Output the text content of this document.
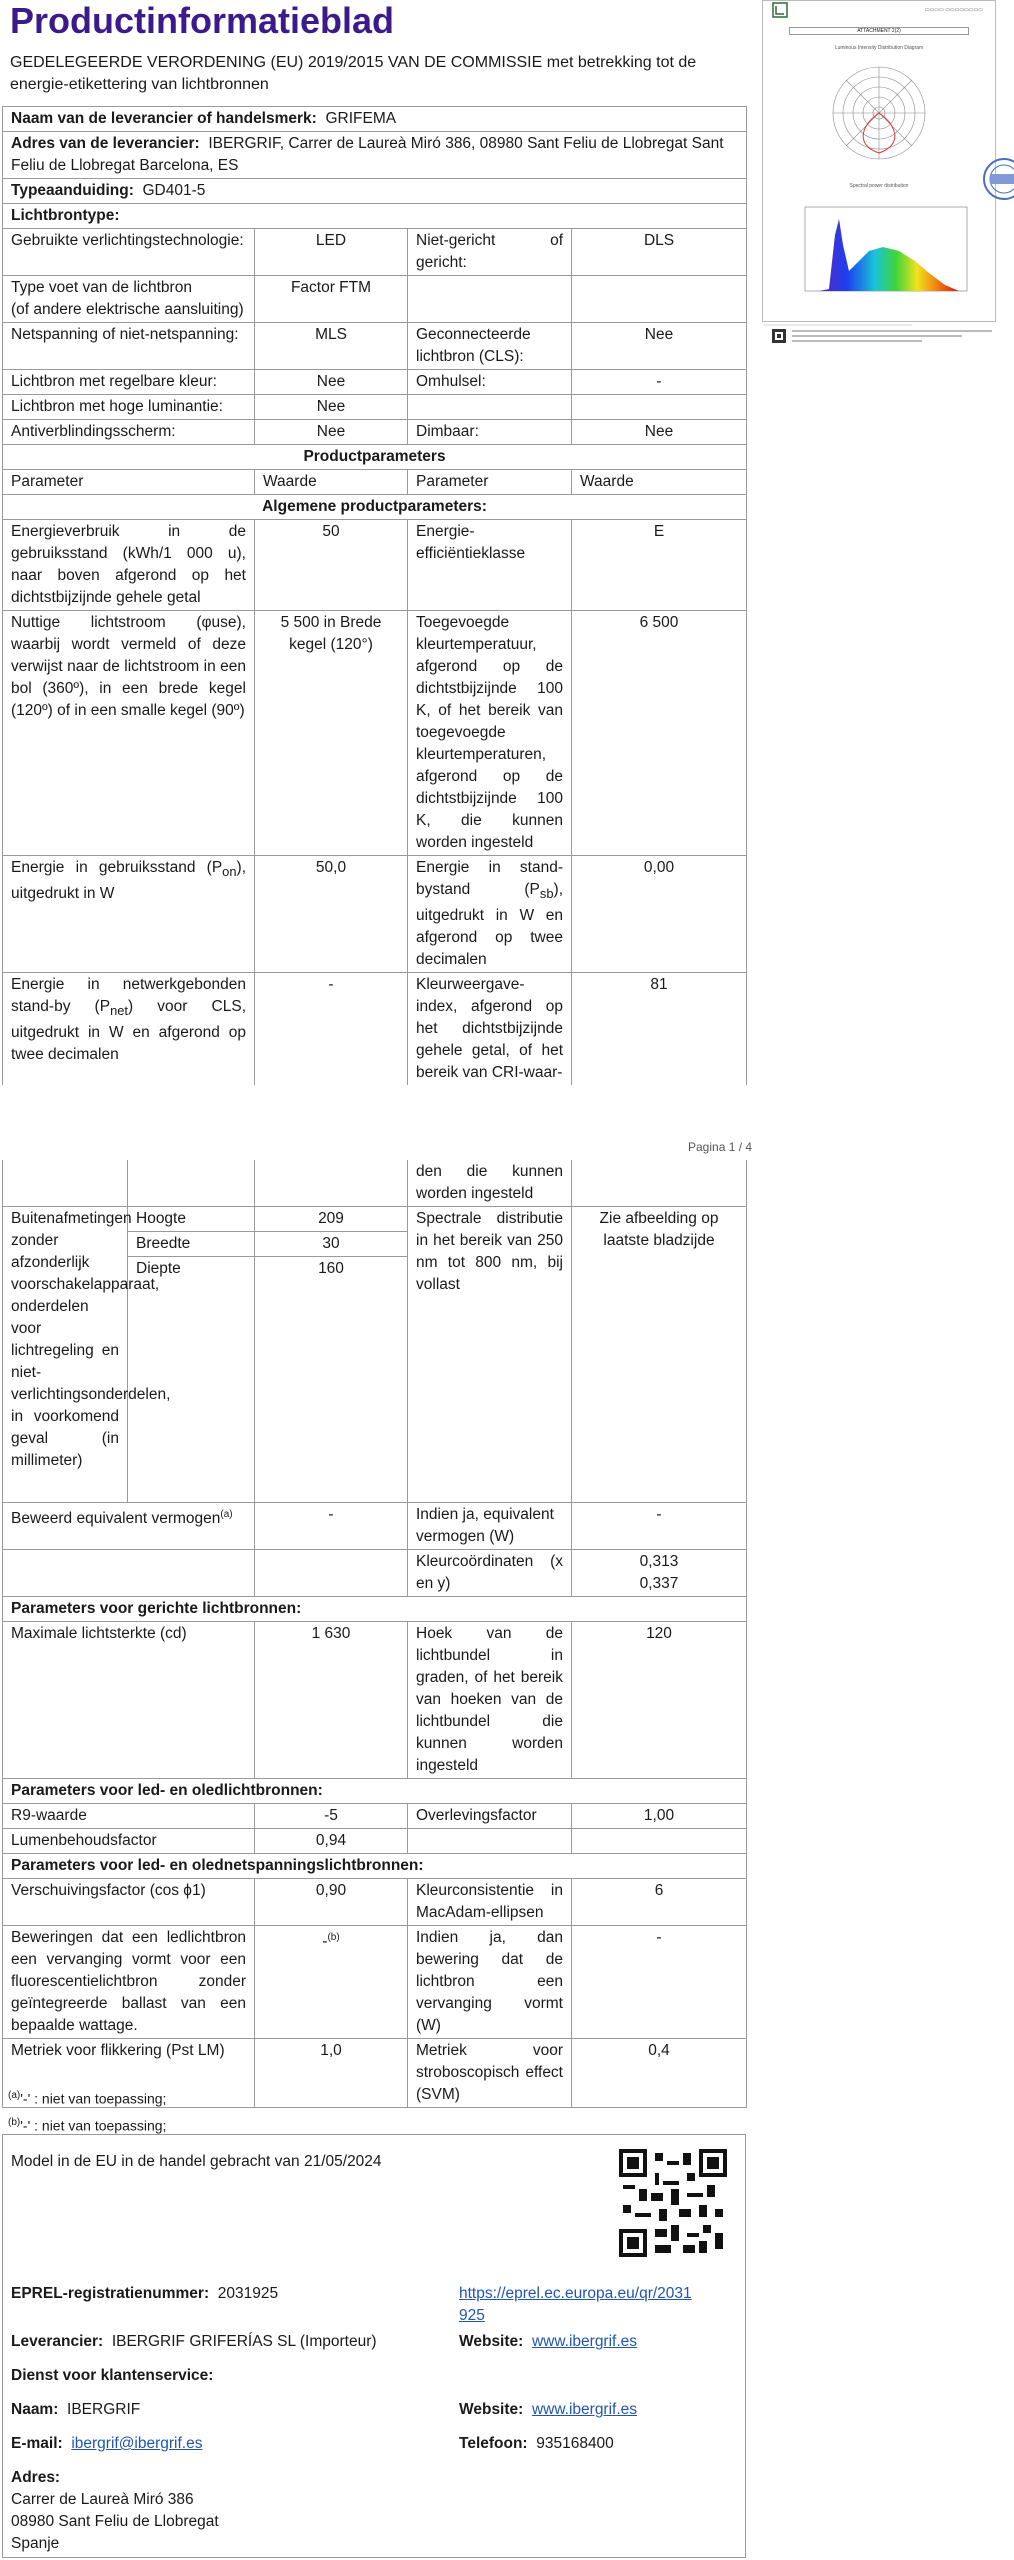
Productinformatieblad
GEDELEGEERDE VERORDENING (EU) 2019/2015 VAN DE COMMISSIE met betrekking tot de energie-etikettering van lichtbronnen
▭▭▭▭ ▭▭▭▭▭▭▭▭
ATTACHMENT 2(2)
Luminous Intensity Distribution Diagram
Spectral power distribution
Naam van de leverancier of handelsmerk: GRIFEMA			
Adres van de leverancier: IBERGRIF, Carrer de Laureà Miró 386, 08980 Sant Feliu de Llobregat Sant Feliu de Llobregat Barcelona, ES			
Typeaanduiding: GD401-5			
Lichtbrontype:			
Gebruikte verlichtingstechnologie:	LED	Niet-gericht of gericht:	DLS

Type voet van de lichtbron
(of andere elektrische aansluiting)	Factor FTM		
Netspanning of niet-netspanning:	MLS	Geconnecteerde lichtbron (CLS):	Nee
Lichtbron met regelbare kleur:	Nee	Omhulsel:	-
Lichtbron met hoge luminantie:	Nee		
Antiverblindingsscherm:	Nee	Dimbaar:	Nee
Productparameters			
Parameter	Waarde	Parameter	Waarde
Algemene productparameters:			
Energieverbruik in de gebruiksstand (kWh/1 000 u), naar boven afgerond op het dichtstbijzijnde gehele getal	50	Energie-efficiëntieklasse	E
Nuttige lichtstroom (φuse), waarbij wordt vermeld of deze verwijst naar de lichtstroom in een bol (360º), in een brede kegel (120º) of in een smalle kegel (90º)	5 500 in Brede kegel (120°)	Toegevoegde kleurtemperatuur, afgerond op de dichtstbijzijnde 100 K, of het bereik van toegevoegde kleurtemperaturen, afgerond op de dichtstbijzijnde 100 K, die kunnen worden ingesteld	6 500
Energie in gebruiksstand $(P_{on})$, uitgedrukt in W	50,0	Energie in stand-bystand $(P_{sb})$, uitgedrukt in W en afgerond op twee decimalen	0,00
Energie in netwerkgebonden stand-by $(P_{net})$ voor CLS, uitgedrukt in W en afgerond op twee decimalen	-	Kleurweergave-index, afgerond op het dichtstbijzijnde gehele getal, of het bereik van CRI-waar-	81
Pagina 1 / 4
			den die kunnen worden ingesteld	
Buitenafmetingen zonder afzonderlijk voorschakelapparaat, onderdelen voor lichtregeling en niet-verlichtingsonderdelen, in voorkomend geval (in millimeter)	Hoogte	209	Spectrale distributie in het bereik van 250 nm tot 800 nm, bij vollast	Zie afbeelding op laatste bladzijde
	Breedte	30		
	Diepte	160		
Beweerd equivalent vermogen$^{(a)}$		-	Indien ja, equivalent vermogen (W)	-
			Kleurcoördinaten (x en y)	0,313
0,337

Parameters voor gerichte lichtbronnen:				
Maximale lichtsterkte (cd)		1 630	Hoek van de lichtbundel in graden, of het bereik van hoeken van de lichtbundel die kunnen worden ingesteld	120
Parameters voor led- en oledlichtbronnen:				
R9-waarde		-5	Overlevingsfactor	1,00
Lumenbehoudsfactor		0,94		
Parameters voor led- en olednetspanningslichtbronnen:				
Verschuivingsfactor (cos ϕ1)		0,90	Kleurconsistentie in MacAdam-ellipsen	6
Beweringen dat een ledlichtbron een vervanging vormt voor een fluorescentielichtbron zonder geïntegreerde ballast van een bepaalde wattage.		-$^{(b)}$	Indien ja, dan bewering dat de lichtbron een vervanging vormt (W)	-
Metriek voor flikkering (Pst LM)		1,0	Metriek voor stroboscopisch effect (SVM)	0,4
$^{(a)}$'-' : niet van toepassing;
$^{(b)}$'-' : niet van toepassing;
Model in de EU in de handel gebracht van 21/05/2024
EPREL-registratienummer: 2031925	https://eprel.ec.europa.eu/qr/2031925
Leverancier: IBERGRIF GRIFERÍAS SL (Importeur)	Website: www.ibergrif.es
Dienst voor klantenservice:
Naam: IBERGRIF	Website: www.ibergrif.es
E-mail: ibergrif@ibergrif.es	Telefoon: 935168400
Adres:
Carrer de Laureà Miró 386
08980 Sant Feliu de Llobregat
Spanje
